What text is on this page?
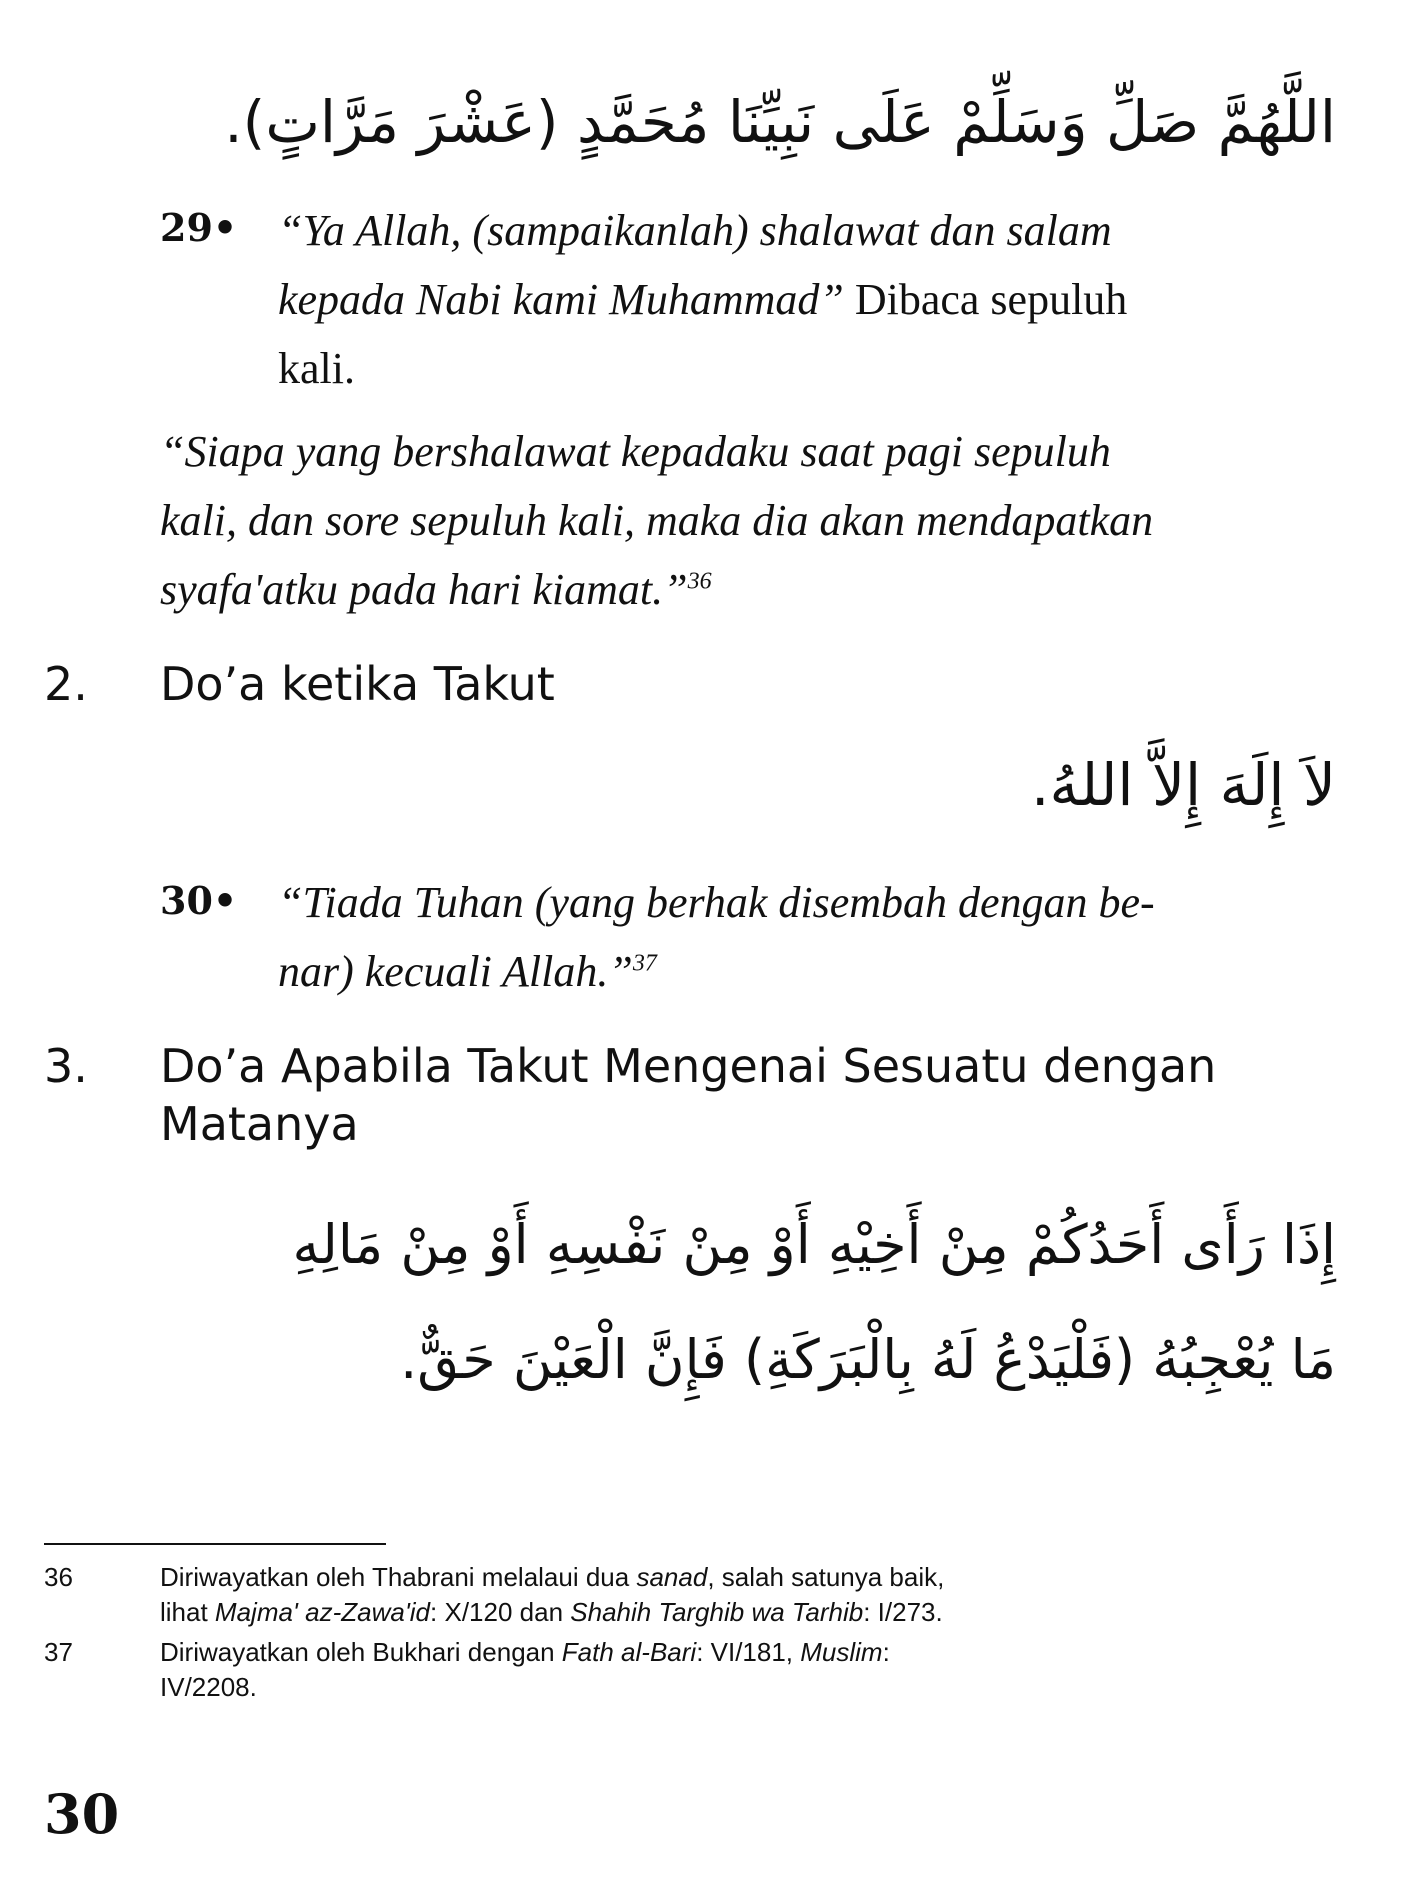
اللَّهُمَّ صَلِّ وَسَلِّمْ عَلَى نَبِيِّنَا مُحَمَّدٍ (عَشْرَ مَرَّاتٍ).
29• “Ya Allah, (sampaikanlah) shalawat dan salam
kepada Nabi kami Muhammad” Dibaca sepuluh
kali.
“Siapa yang bershalawat kepadaku saat pagi sepuluh
kali, dan sore sepuluh kali, maka dia akan mendapatkan
syafa'atku pada hari kiamat.”$^{36}$
2. Do’a ketika Takut
لاَ إِلَهَ إِلاَّ اللهُ.
30• “Tiada Tuhan (yang berhak disembah dengan be-
nar) kecuali Allah.”$^{37}$
3. Do’a Apabila Takut Mengenai Sesuatu dengan
Matanya
إِذَا رَأَى أَحَدُكُمْ مِنْ أَخِيْهِ أَوْ مِنْ نَفْسِهِ أَوْ مِنْ مَالِهِ
مَا يُعْجِبُهُ (فَلْيَدْعُ لَهُ بِالْبَرَكَةِ) فَإِنَّ الْعَيْنَ حَقٌّ.
36	Diriwayatkan oleh Thabrani melalaui dua sanad, salah satunya baik,
lihat Majma' az-Zawa'id: X/120 dan Shahih Targhib wa Tarhib: I/273.
37	Diriwayatkan oleh Bukhari dengan Fath al-Bari: VI/181, Muslim:
IV/2208.
30
